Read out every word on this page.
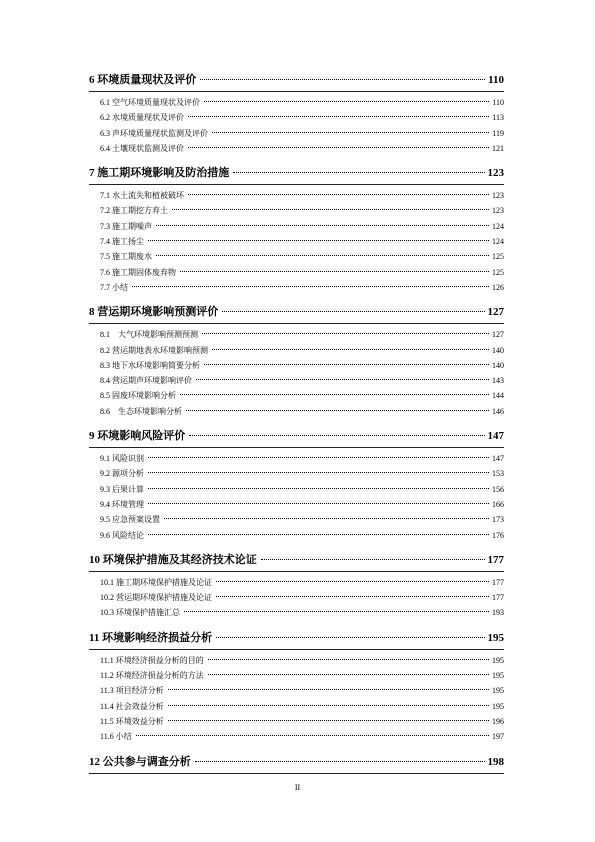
6 环境质量现状及评价	110
6.1 空气环境质量现状及评价	110
6.2 水境质量现状及评价	113
6.3 声环境质量现状监测及评价	119
6.4 土壤现状监测及评价	121
7 施工期环境影响及防治措施	123
7.1 水土流失和植被破坏	123
7.2 施工期挖方弃土	123
7.3 施工期噪声	124
7.4 施工扬尘	124
7.5 施工期废水	125
7.6 施工期固体废弃物	125
7.7 小结	126
8 营运期环境影响预测评价	127
8.1　大气环境影响预测预测	127
8.2 营运期地表水环境影响预测	140
8.3 地下水环境影响简要分析	140
8.4 营运期声环境影响评价	143
8.5 固废环境影响分析	144
8.6　生态环境影响分析	146
9 环境影响风险评价	147
9.1 风险识别	147
9.2 源项分析	153
9.3 后果计算	156
9.4 环境管理	166
9.5 应急预案设置	173
9.6 风险结论	176
10 环境保护措施及其经济技术论证	177
10.1 施工期环境保护措施及论证	177
10.2 营运期环境保护措施及论证	177
10.3 环境保护措施汇总	193
11 环境影响经济损益分析	195
11.1 环境经济损益分析的目的	195
11.2 环境经济损益分析的方法	195
11.3 项目经济分析	195
11.4 社会效益分析	195
11.5 环境效益分析	196
11.6 小结	197
12 公共参与调查分析	198
II
